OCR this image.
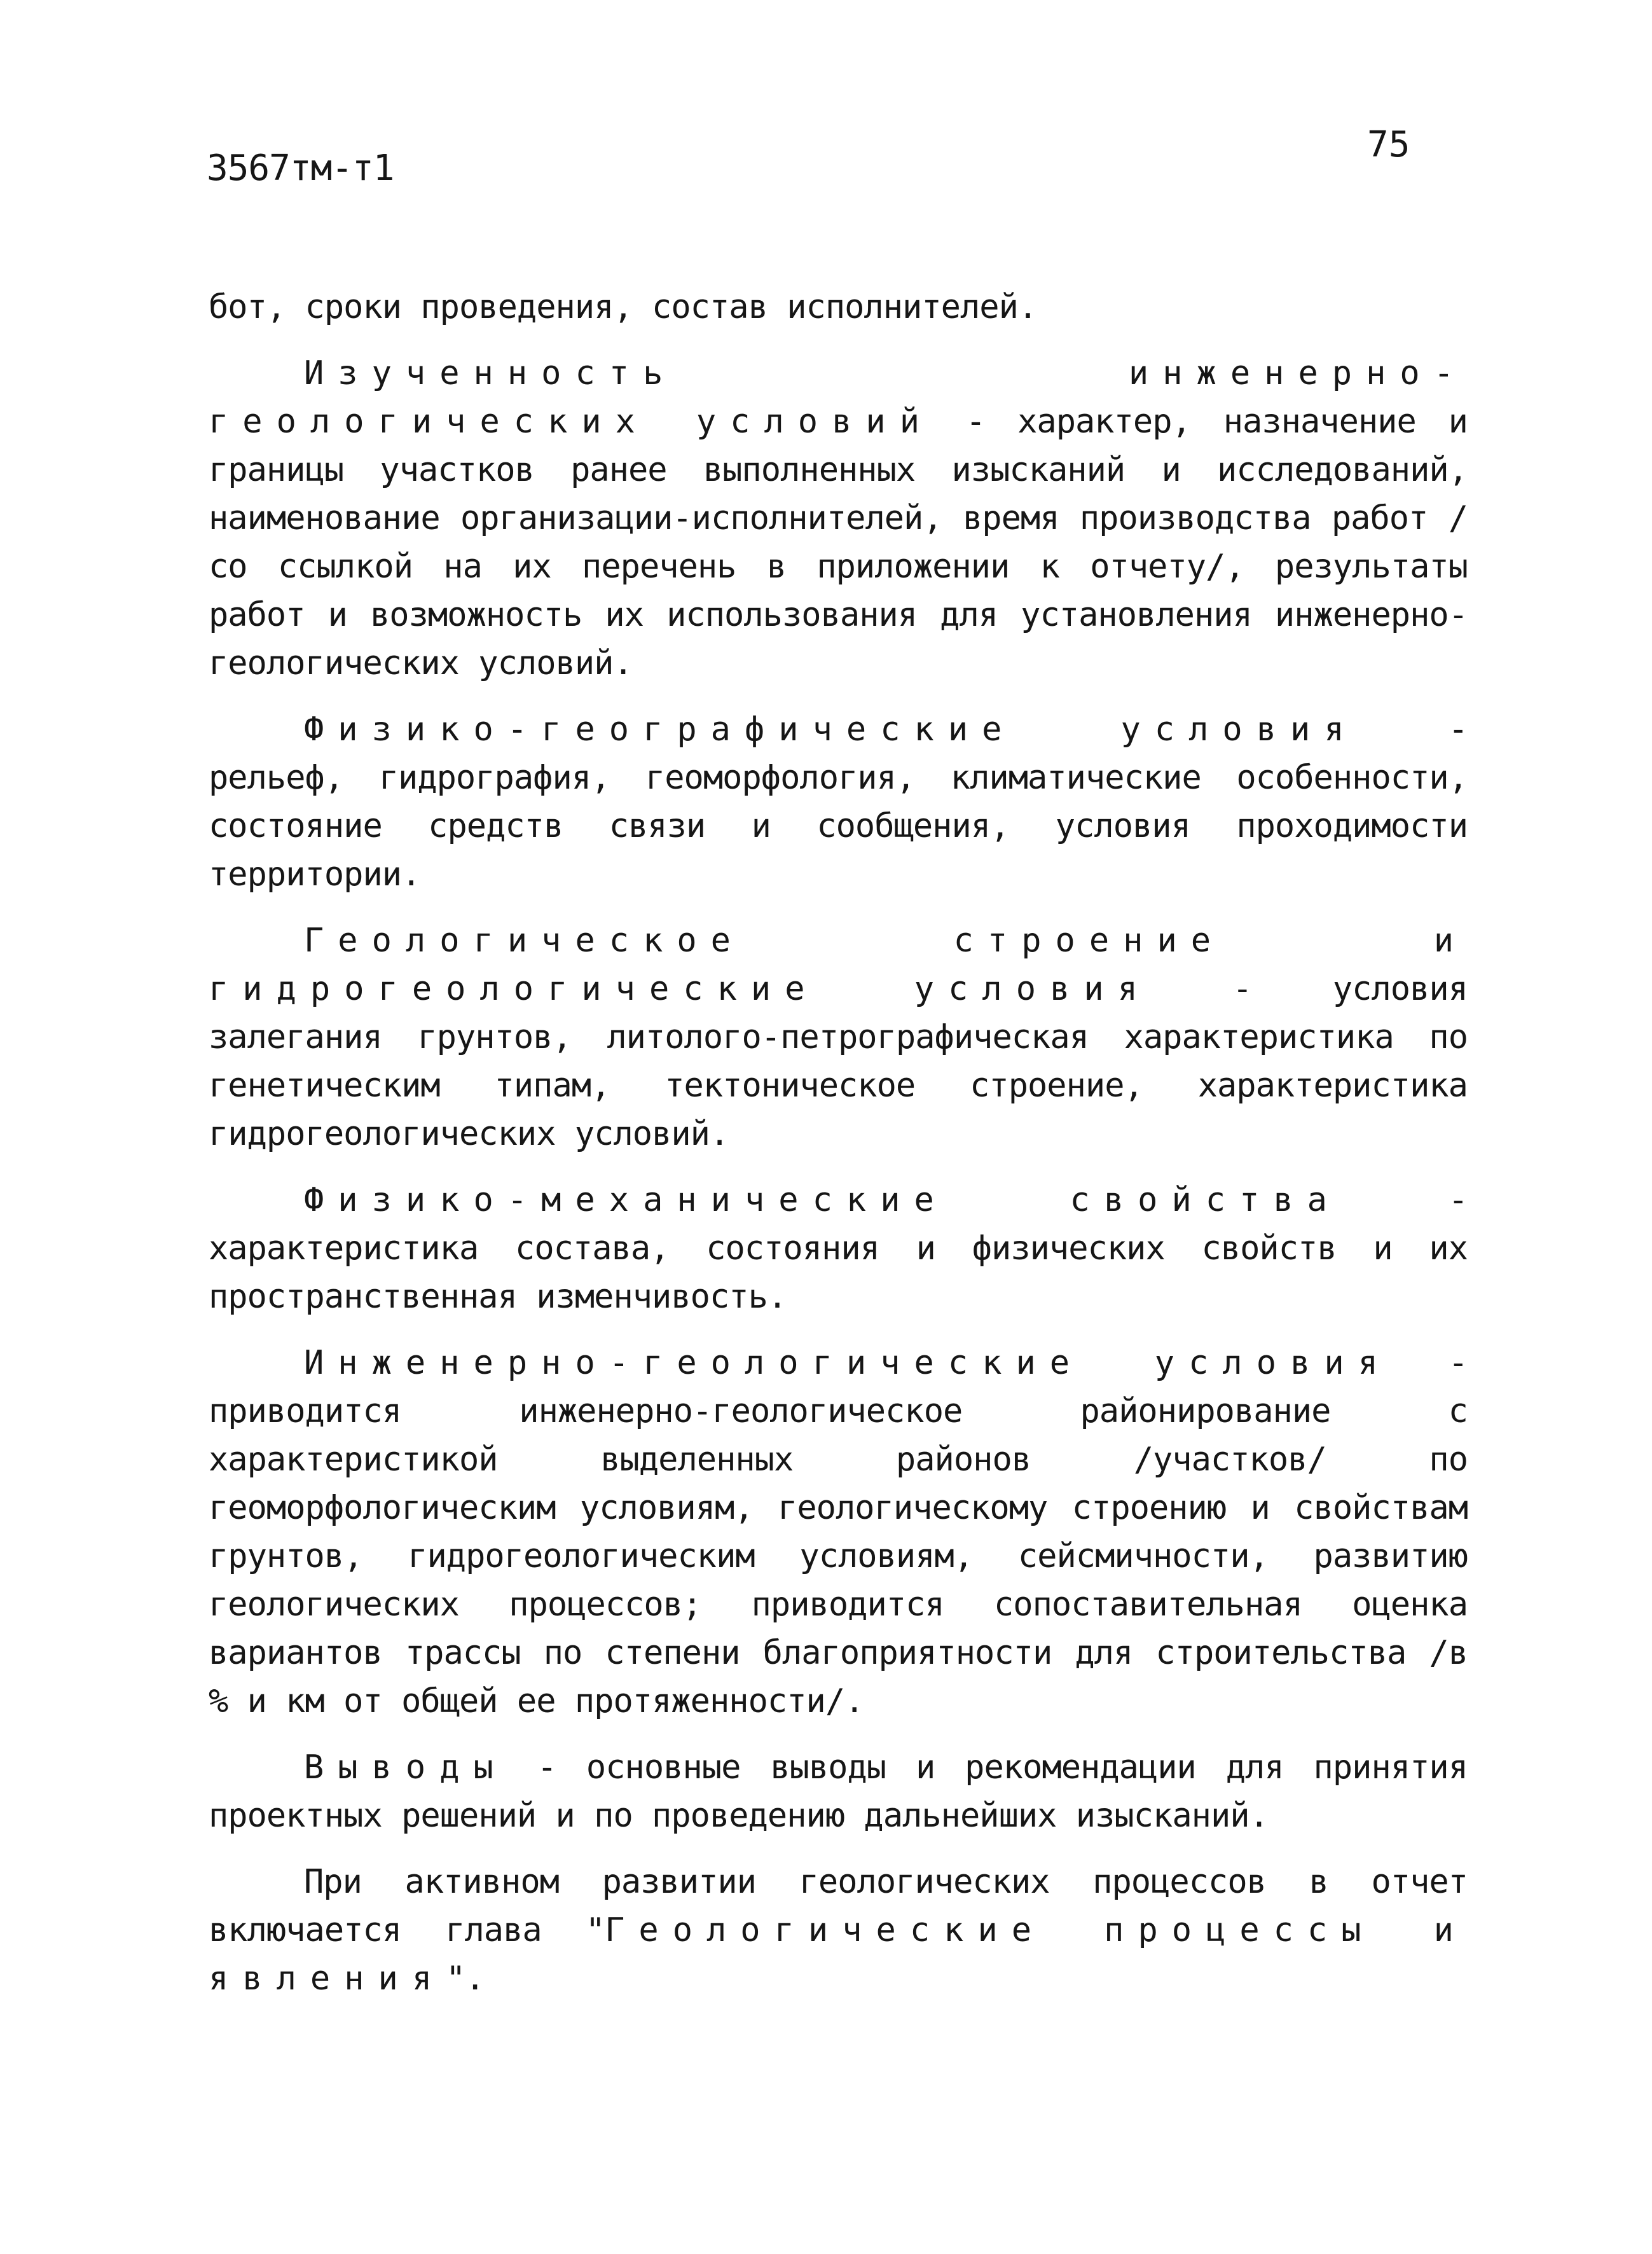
3567тм-т1
75

бот, сроки проведения, состав исполнителей.

Изученность инженерно-геологических условий - характер, назначение и границы участков ранее выполненных изысканий и исследований, наименование организации-исполнителей, время производства работ /со ссылкой на их перечень в приложении к отчету/, результаты работ и возможность их использования для установления инженерно-геологических условий.

Физико-географические условия - рельеф, гидрография, геоморфология, климатические особенности, состояние средств связи и сообщения, условия проходимости территории.

Геологическое строение и гидрогеологические условия - условия залегания грунтов, литолого-петрографическая характеристика по генетическим типам, тектоническое строение, характеристика гидрогеологических условий.

Физико-механические свойства - характеристика состава, состояния и физических свойств и их пространственная изменчивость.

Инженерно-геологические условия - приводится инженерно-геологическое районирование с характеристикой выделенных районов /участков/ по геоморфологическим условиям, геологическому строению и свойствам грунтов, гидрогеологическим условиям, сейсмичности, развитию геологических процессов; приводится сопоставительная оценка вариантов трассы по степени благоприятности для строительства /в % и км от общей ее протяженности/.

Выводы - основные выводы и рекомендации для принятия проектных решений и по проведению дальнейших изысканий.

При активном развитии геологических процессов в отчет включается глава "Геологические процессы и явления".
